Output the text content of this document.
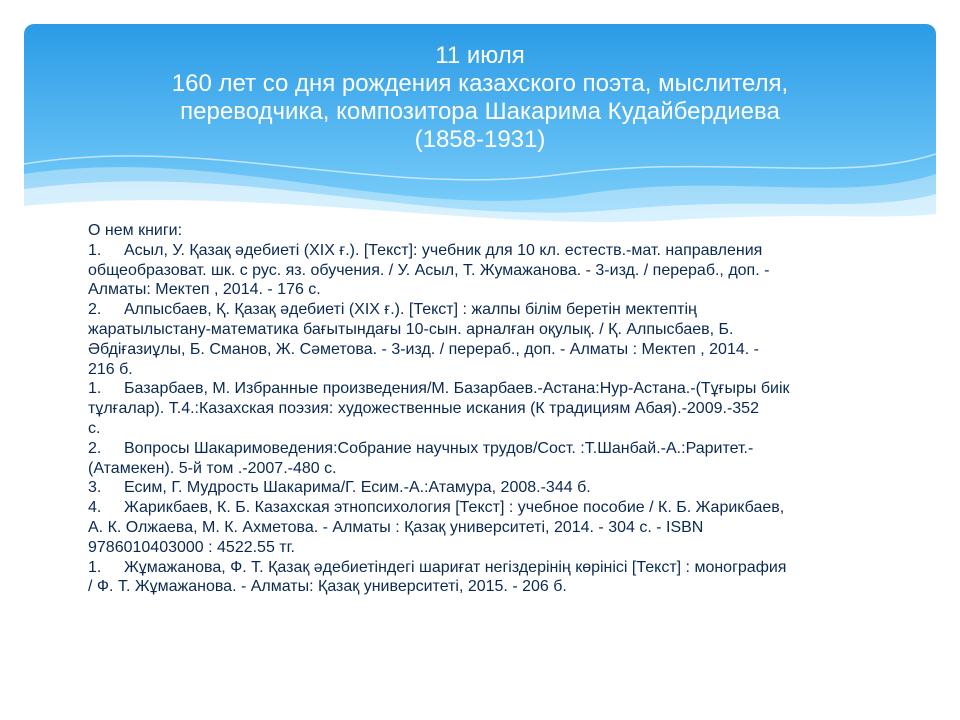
11 июля
160 лет со дня рождения казахского поэта, мыслителя,
переводчика, композитора Шакарима Кудайбердиева
(1858-1931)
О нем книги:
1. Асыл, У. Қазақ әдебиеті (ХІХ ғ.). [Текст]: учебник для 10 кл. естеств.-мат. направления
общеобразоват. шк. с рус. яз. обучения. / У. Асыл, Т. Жумажанова. - 3-изд. / перераб., доп. -
Алматы: Мектеп , 2014. - 176 с.
2. Алпысбаев, Қ. Қазақ әдебиеті (ХІХ ғ.). [Текст] : жалпы білім беретін мектептің
жаратылыстану-математика бағытындағы 10-сын. арналған оқулық. / Қ. Алпысбаев, Б.
Әбдіғазиұлы, Б. Сманов, Ж. Сәметова. - 3-изд. / перераб., доп. - Алматы : Мектеп , 2014. -
216 б.
1. Базарбаев, М. Избранные произведения/М. Базарбаев.-Астана:Нур-Астана.-(Тұғыры биік
тұлғалар). Т.4.:Казахская поэзия: художественные искания (К традициям Абая).-2009.-352
с.
2. Вопросы Шакаримоведения:Собрание научных трудов/Сост. :Т.Шанбай.-А.:Раритет.-
(Атамекен). 5-й том .-2007.-480 с.
3. Есим, Г. Мудрость Шакарима/Г. Есим.-А.:Атамура, 2008.-344 б.
4. Жарикбаев, К. Б. Казахская этнопсихология [Текст] : учебное пособие / К. Б. Жарикбаев,
А. К. Олжаева, М. К. Ахметова. - Алматы : Қазақ университеті, 2014. - 304 с. - ISBN
9786010403000 : 4522.55 тг.
1. Жұмажанова, Ф. Т. Қазақ әдебиетіндегі шариғат негіздерінің көрінісі [Текст] : монография
/ Ф. Т. Жұмажанова. - Алматы: Қазақ университеті, 2015. - 206 б.
